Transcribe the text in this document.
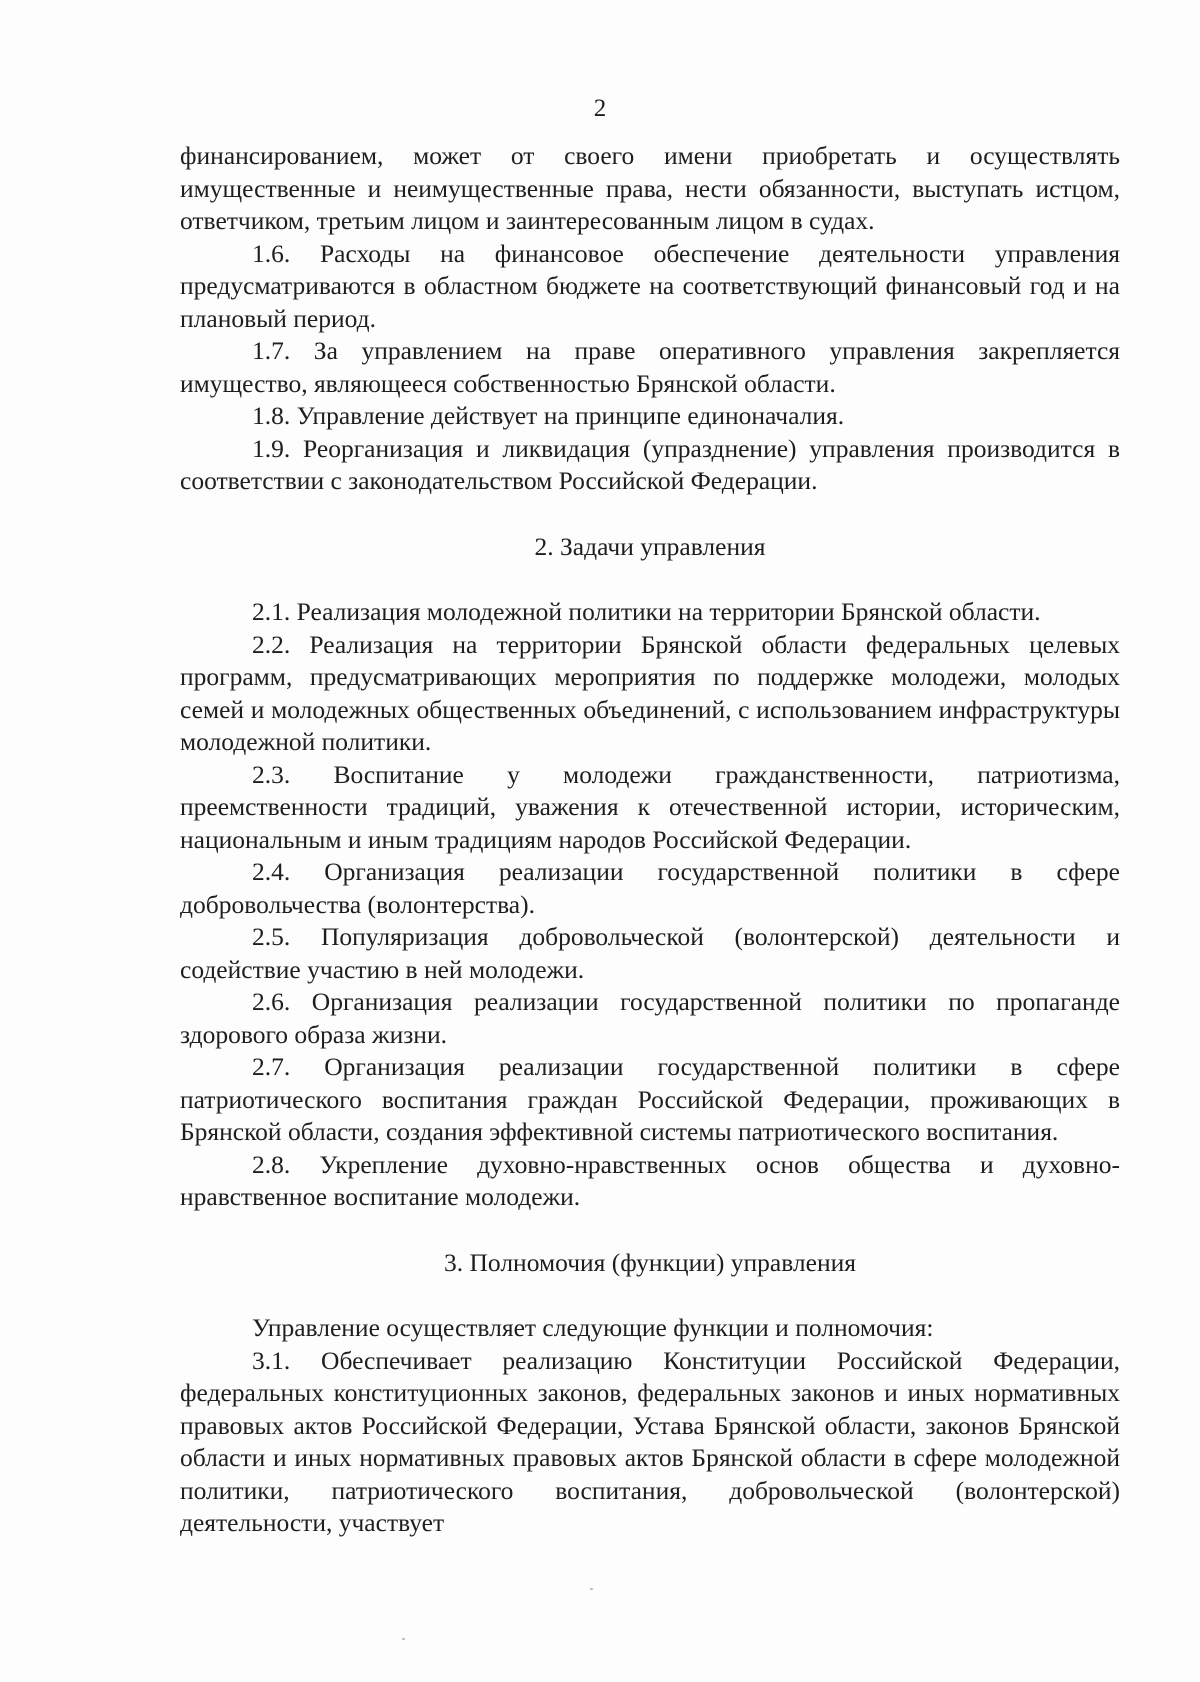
2

финансированием, может от своего имени приобретать и осуществлять имущественные и неимущественные права, нести обязанности, выступать истцом, ответчиком, третьим лицом и заинтересованным лицом в судах.

1.6. Расходы на финансовое обеспечение деятельности управления предусматриваются в областном бюджете на соответствующий финансовый год и на плановый период.

1.7. За управлением на праве оперативного управления закрепляется имущество, являющееся собственностью Брянской области.

1.8. Управление действует на принципе единоначалия.

1.9. Реорганизация и ликвидация (упразднение) управления производится в соответствии с законодательством Российской Федерации.

2. Задачи управления

2.1. Реализация молодежной политики на территории Брянской области.

2.2. Реализация на территории Брянской области федеральных целевых программ, предусматривающих мероприятия по поддержке молодежи, молодых семей и молодежных общественных объединений, с использованием инфраструктуры молодежной политики.

2.3. Воспитание у молодежи гражданственности, патриотизма, преемственности традиций, уважения к отечественной истории, историческим, национальным и иным традициям народов Российской Федерации.

2.4. Организация реализации государственной политики в сфере добровольчества (волонтерства).

2.5. Популяризация добровольческой (волонтерской) деятельности и содействие участию в ней молодежи.

2.6. Организация реализации государственной политики по пропаганде здорового образа жизни.

2.7. Организация реализации государственной политики в сфере патриотического воспитания граждан Российской Федерации, проживающих в Брянской области, создания эффективной системы патриотического воспитания.

2.8. Укрепление духовно-нравственных основ общества и духовно-нравственное воспитание молодежи.

3. Полномочия (функции) управления

Управление осуществляет следующие функции и полномочия:

3.1. Обеспечивает реализацию Конституции Российской Федерации, федеральных конституционных законов, федеральных законов и иных нормативных правовых актов Российской Федерации, Устава Брянской области, законов Брянской области и иных нормативных правовых актов Брянской области в сфере молодежной политики, патриотического воспитания, добровольческой (волонтерской) деятельности, участвует
